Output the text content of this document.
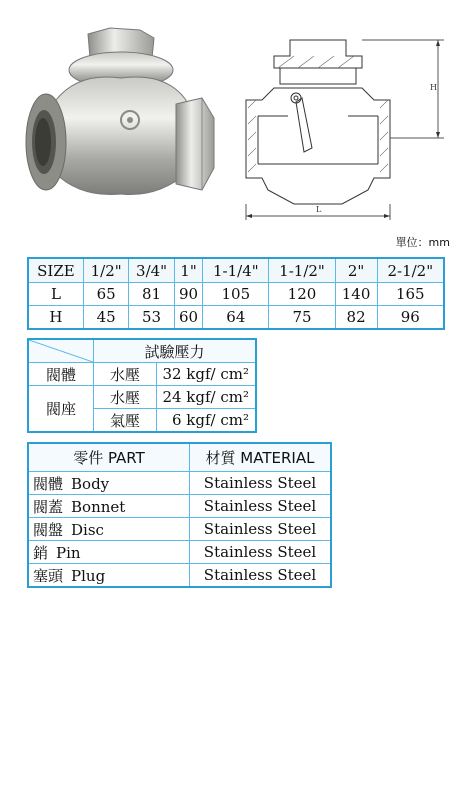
H
L
單位：mm
SIZE	1/2"	3/4"	1"	1-1/4"	1-1/2"	2"	2-1/2"
L	65	81	90	105	120	140	165
H	45	53	60	64	75	82	96
	試驗壓力	
閥體	水壓	32 kgf/ cm²
閥座	水壓	24 kgf/ cm²
	氣壓	6 kgf/ cm²
零件 PART	材質 MATERIAL
閥體 Body	Stainless Steel
閥蓋 Bonnet	Stainless Steel
閥盤 Disc	Stainless Steel
銷 Pin	Stainless Steel
塞頭 Plug	Stainless Steel
